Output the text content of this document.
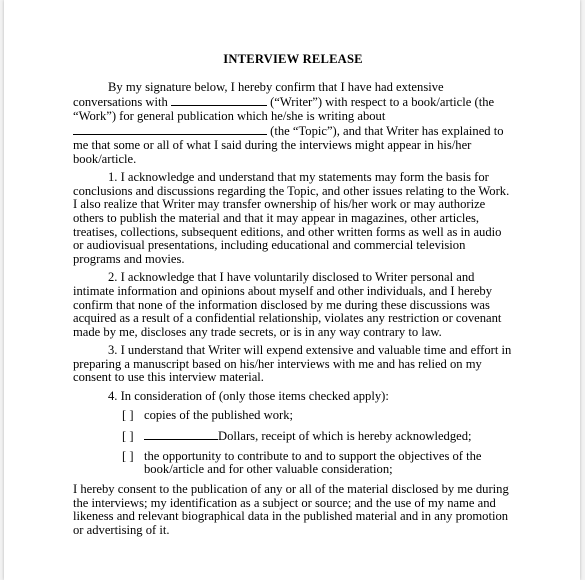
INTERVIEW RELEASE

By my signature below, I hereby confirm that I have had extensive conversations with	(“Writer”) with respect to a book/article (the “Work”) for general publication which he/she is writing about  (the “Topic”), and that Writer has explained to me that some or all of what I said during the interviews might appear in his/her book/article.

1. I acknowledge and understand that my statements may form the basis for conclusions and discussions regarding the Topic, and other issues relating to the Work. I also realize that Writer may transfer ownership of his/her work or may authorize others to publish the material and that it may appear in magazines, other articles, treatises, collections, subsequent editions, and other written forms as well as in audio or audiovisual presentations, including educational and commercial television programs and movies.

2. I acknowledge that I have voluntarily disclosed to Writer personal and intimate information and opinions about myself and other individuals, and I hereby confirm that none of the information disclosed by me during these discussions was acquired as a result of a confidential relationship, violates any restriction or covenant made by me, discloses any trade secrets, or is in any way contrary to law.

3. I understand that Writer will expend extensive and valuable time and effort in preparing a manuscript based on his/her interviews with me and has relied on my consent to use this interview material.

4. In consideration of (only those items checked apply):

[ ] copies of the published work;
[ ]	Dollars, receipt of which is hereby acknowledged;
[ ] the opportunity to contribute to and to support the objectives of the book/article and for other valuable consideration;

I hereby consent to the publication of any or all of the material disclosed by me during the interviews; my identification as a subject or source; and the use of my name and likeness and relevant biographical data in the published material and in any promotion or advertising of it.
